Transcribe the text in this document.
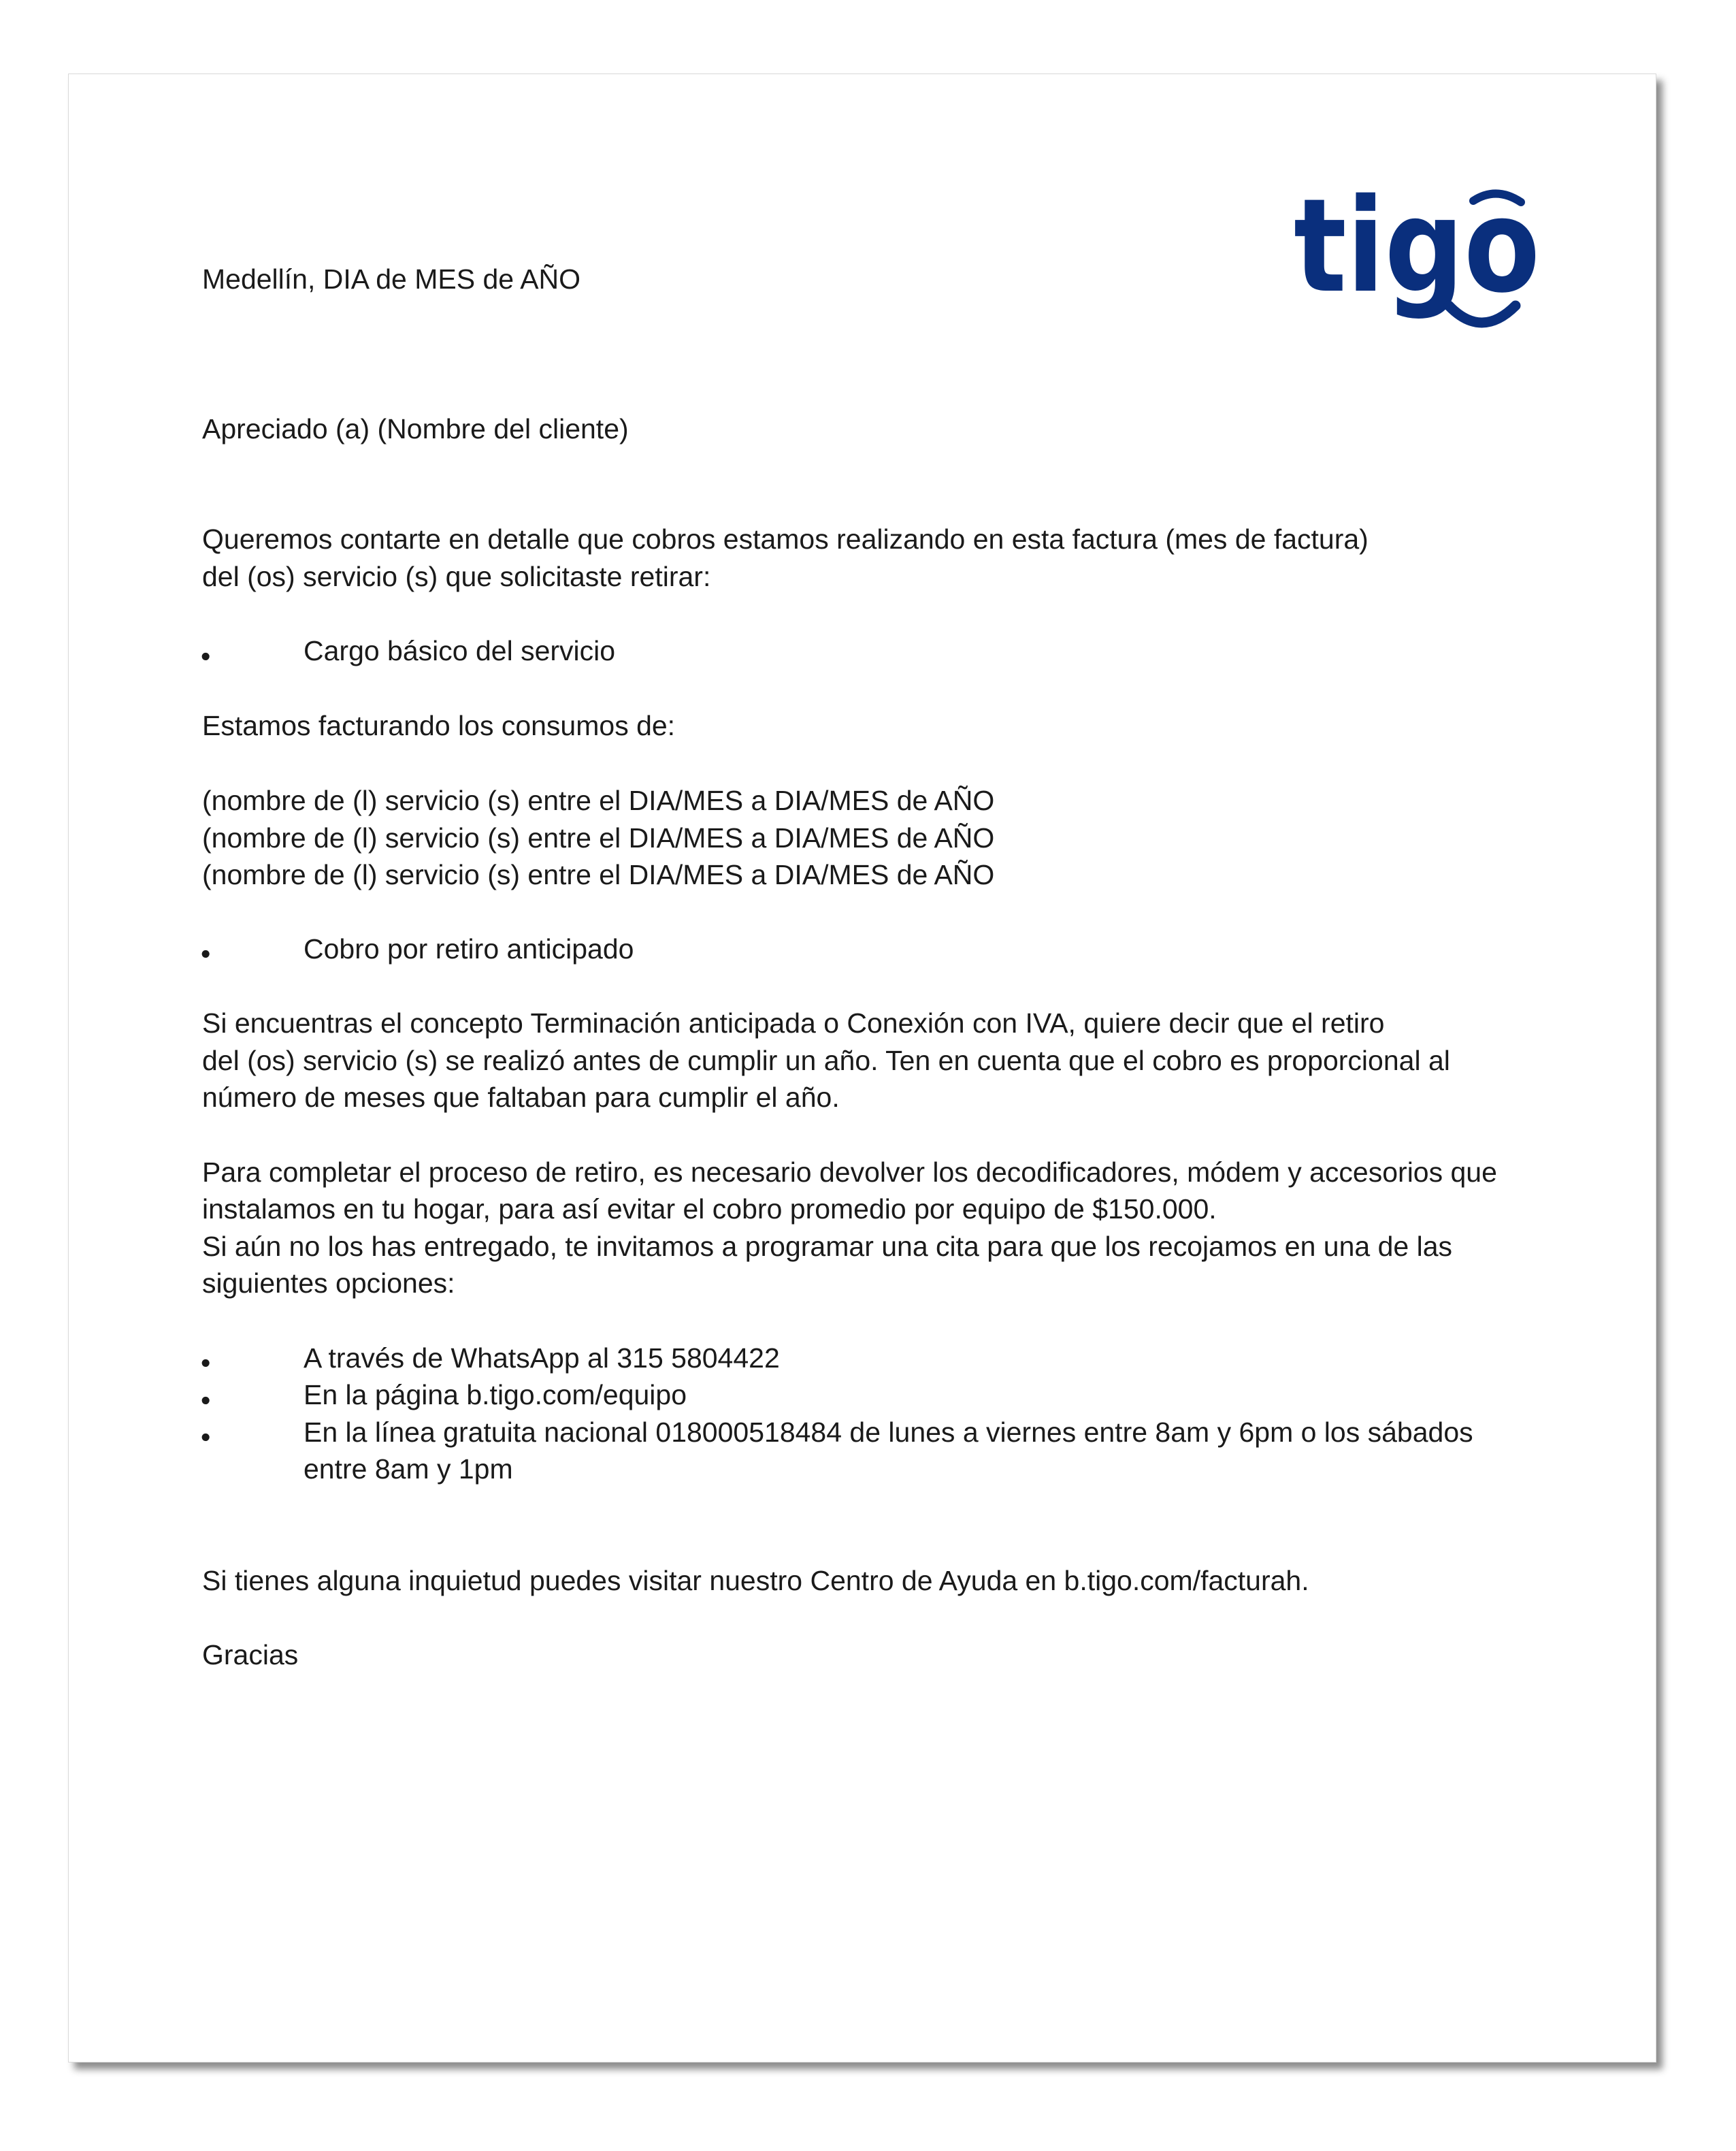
tigo
Medellín, DIA de MES de AÑO
Apreciado (a) (Nombre del cliente)
Queremos contarte en detalle que cobros estamos realizando en esta factura (mes de factura)
del (os) servicio (s) que solicitaste retirar:
•	Cargo básico del servicio
Estamos facturando los consumos de:
(nombre de (l) servicio (s) entre el DIA/MES a DIA/MES de AÑO
(nombre de (l) servicio (s) entre el DIA/MES a DIA/MES de AÑO
(nombre de (l) servicio (s) entre el DIA/MES a DIA/MES de AÑO
•	Cobro por retiro anticipado
Si encuentras el concepto Terminación anticipada o Conexión con IVA, quiere decir que el retiro
del (os) servicio (s) se realizó antes de cumplir un año. Ten en cuenta que el cobro es proporcional al
número de meses que faltaban para cumplir el año.
Para completar el proceso de retiro, es necesario devolver los decodificadores, módem y accesorios que
instalamos en tu hogar, para así evitar el cobro promedio por equipo de $150.000.
Si aún no los has entregado, te invitamos a programar una cita para que los recojamos en una de las
siguientes opciones:
•	A través de WhatsApp al 315 5804422
•	En la página b.tigo.com/equipo
•	En la línea gratuita nacional 018000518484 de lunes a viernes entre 8am y 6pm o los sábados
entre 8am y 1pm
Si tienes alguna inquietud puedes visitar nuestro Centro de Ayuda en b.tigo.com/facturah.
Gracias
